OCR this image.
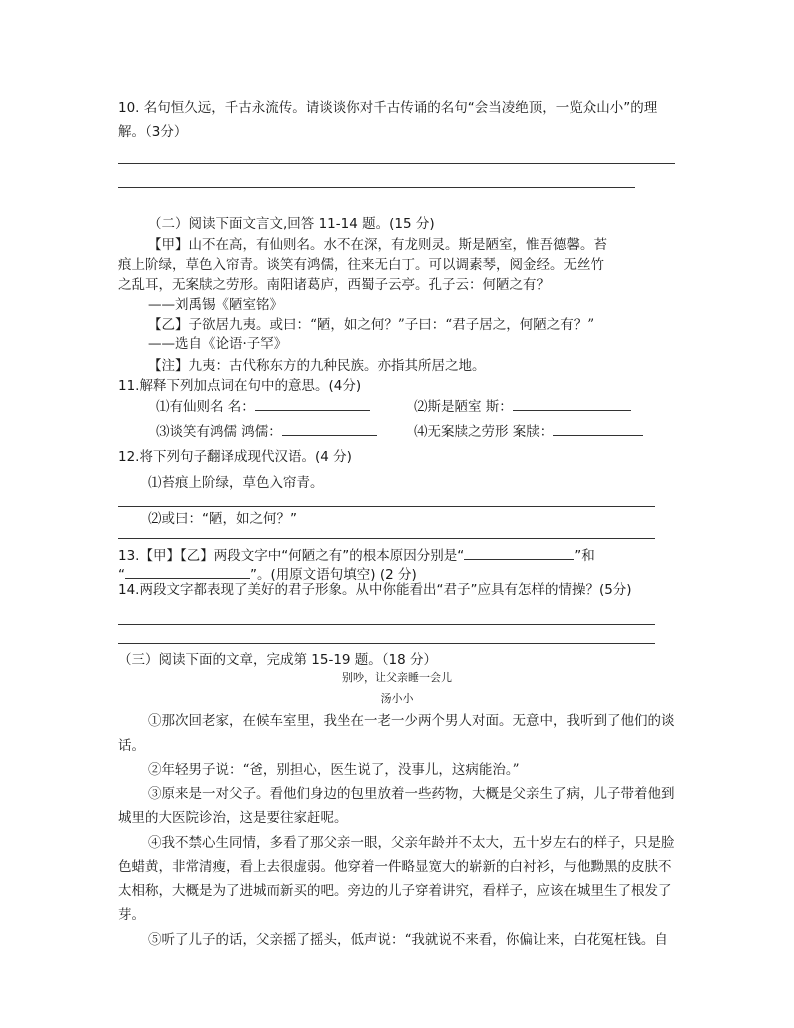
10. 名句恒久远，千古永流传。请谈谈你对千古传诵的名句“会当凌绝顶，一览众山小”的理
解。（3分）
（二）阅读下面文言文,回答 11-14 题。(15 分)
【甲】山不在高，有仙则名。水不在深，有龙则灵。斯是陋室，惟吾德馨。苔
痕上阶绿，草色入帘青。谈笑有鸿儒，往来无白丁。可以调素琴，阅金经。无丝竹
之乱耳，无案牍之劳形。南阳诸葛庐，西蜀子云亭。孔子云：何陋之有？
——刘禹锡《陋室铭》
【乙】子欲居九夷。或曰：“陋，如之何？”子曰：“君子居之，何陋之有？”
——选自《论语·子罕》
【注】九夷：古代称东方的九种民族。亦指其所居之地。
11.解释下列加点词在句中的意思。(4分)
⑴有仙则名 名：	⑵斯是陋室 斯：
⑶谈笑有鸿儒 鸿儒：	⑷无案牍之劳形 案牍：
12.将下列句子翻译成现代汉语。(4 分)
⑴苔痕上阶绿，草色入帘青。
⑵或曰：“陋，如之何？”
13.【甲】【乙】两段文字中“何陋之有”的根本原因分别是“	”和
“	”。(用原文语句填空) (2 分)
14.两段文字都表现了美好的君子形象。从中你能看出“君子”应具有怎样的情操？(5分)
（三）阅读下面的文章，完成第 15-19 题。（18 分）
别吵，让父亲睡一会儿
汤小小
①那次回老家，在候车室里，我坐在一老一少两个男人对面。无意中，我听到了他们的谈
话。
②年轻男子说：“爸，别担心，医生说了，没事儿，这病能治。”
③原来是一对父子。看他们身边的包里放着一些药物，大概是父亲生了病，儿子带着他到
城里的大医院诊治，这是要往家赶呢。
④我不禁心生同情，多看了那父亲一眼，父亲年龄并不太大，五十岁左右的样子，只是脸
色蜡黄，非常清瘦，看上去很虚弱。他穿着一件略显宽大的崭新的白衬衫，与他黝黑的皮肤不
太相称，大概是为了进城而新买的吧。旁边的儿子穿着讲究，看样子，应该在城里生了根发了
芽。
⑤听了儿子的话，父亲摇了摇头，低声说：“我就说不来看，你偏让来，白花冤枉钱。自
